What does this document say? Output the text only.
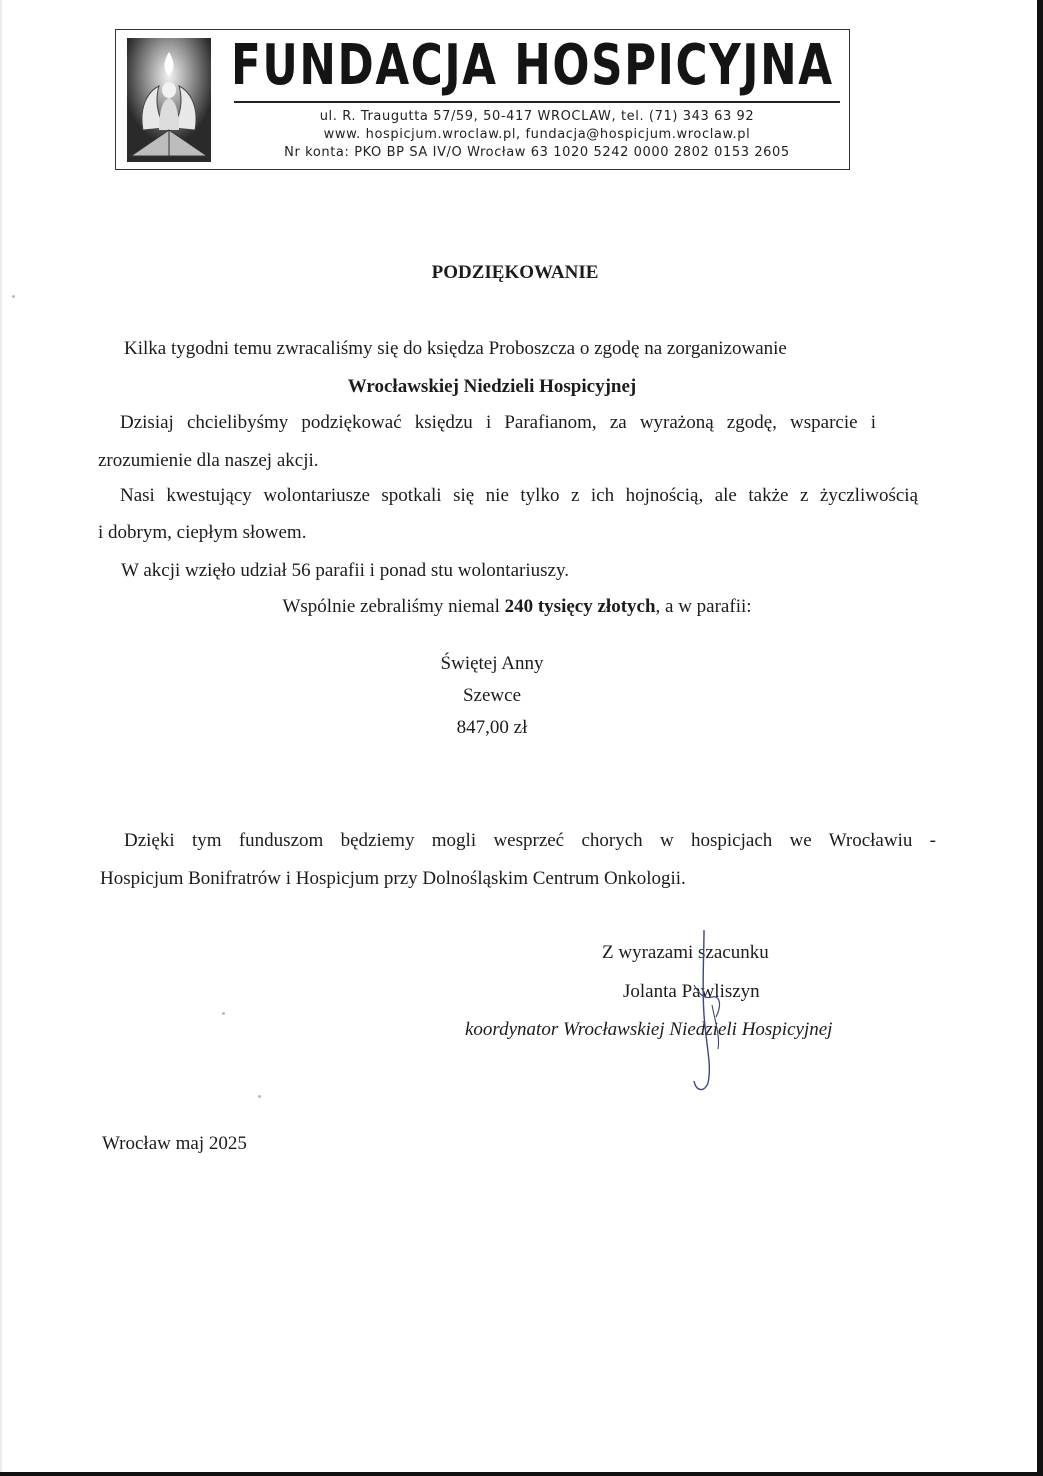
FUNDACJA HOSPICYJNA
ul. R. Traugutta 57/59, 50-417 WROCLAW, tel. (71) 343 63 92
www. hospicjum.wroclaw.pl, fundacja@hospicjum.wroclaw.pl
Nr konta: PKO BP SA IV/O Wrocław 63 1020 5242 0000 2802 0153 2605
PODZIĘKOWANIE
Kilka tygodni temu zwracaliśmy się do księdza Proboszcza o zgodę na zorganizowanie
Wrocławskiej Niedzieli Hospicyjnej
Dzisiaj chcielibyśmy podziękować księdzu i Parafianom, za wyrażoną zgodę, wsparcie i
zrozumienie dla naszej akcji.
Nasi kwestujący wolontariusze spotkali się nie tylko z ich hojnością, ale także z życzliwością
i dobrym, ciepłym słowem.
W akcji wzięło udział 56 parafii i ponad stu wolontariuszy.
Wspólnie zebraliśmy niemal 240 tysięcy złotych, a w parafii:
Świętej Anny
Szewce
847,00 zł
Dzięki tym funduszom będziemy mogli wesprzeć chorych w hospicjach we Wrocławiu -
Hospicjum Bonifratrów i Hospicjum przy Dolnośląskim Centrum Onkologii.
Z wyrazami szacunku
Jolanta Pawliszyn
koordynator Wrocławskiej Niedzieli Hospicyjnej
Wrocław maj 2025
